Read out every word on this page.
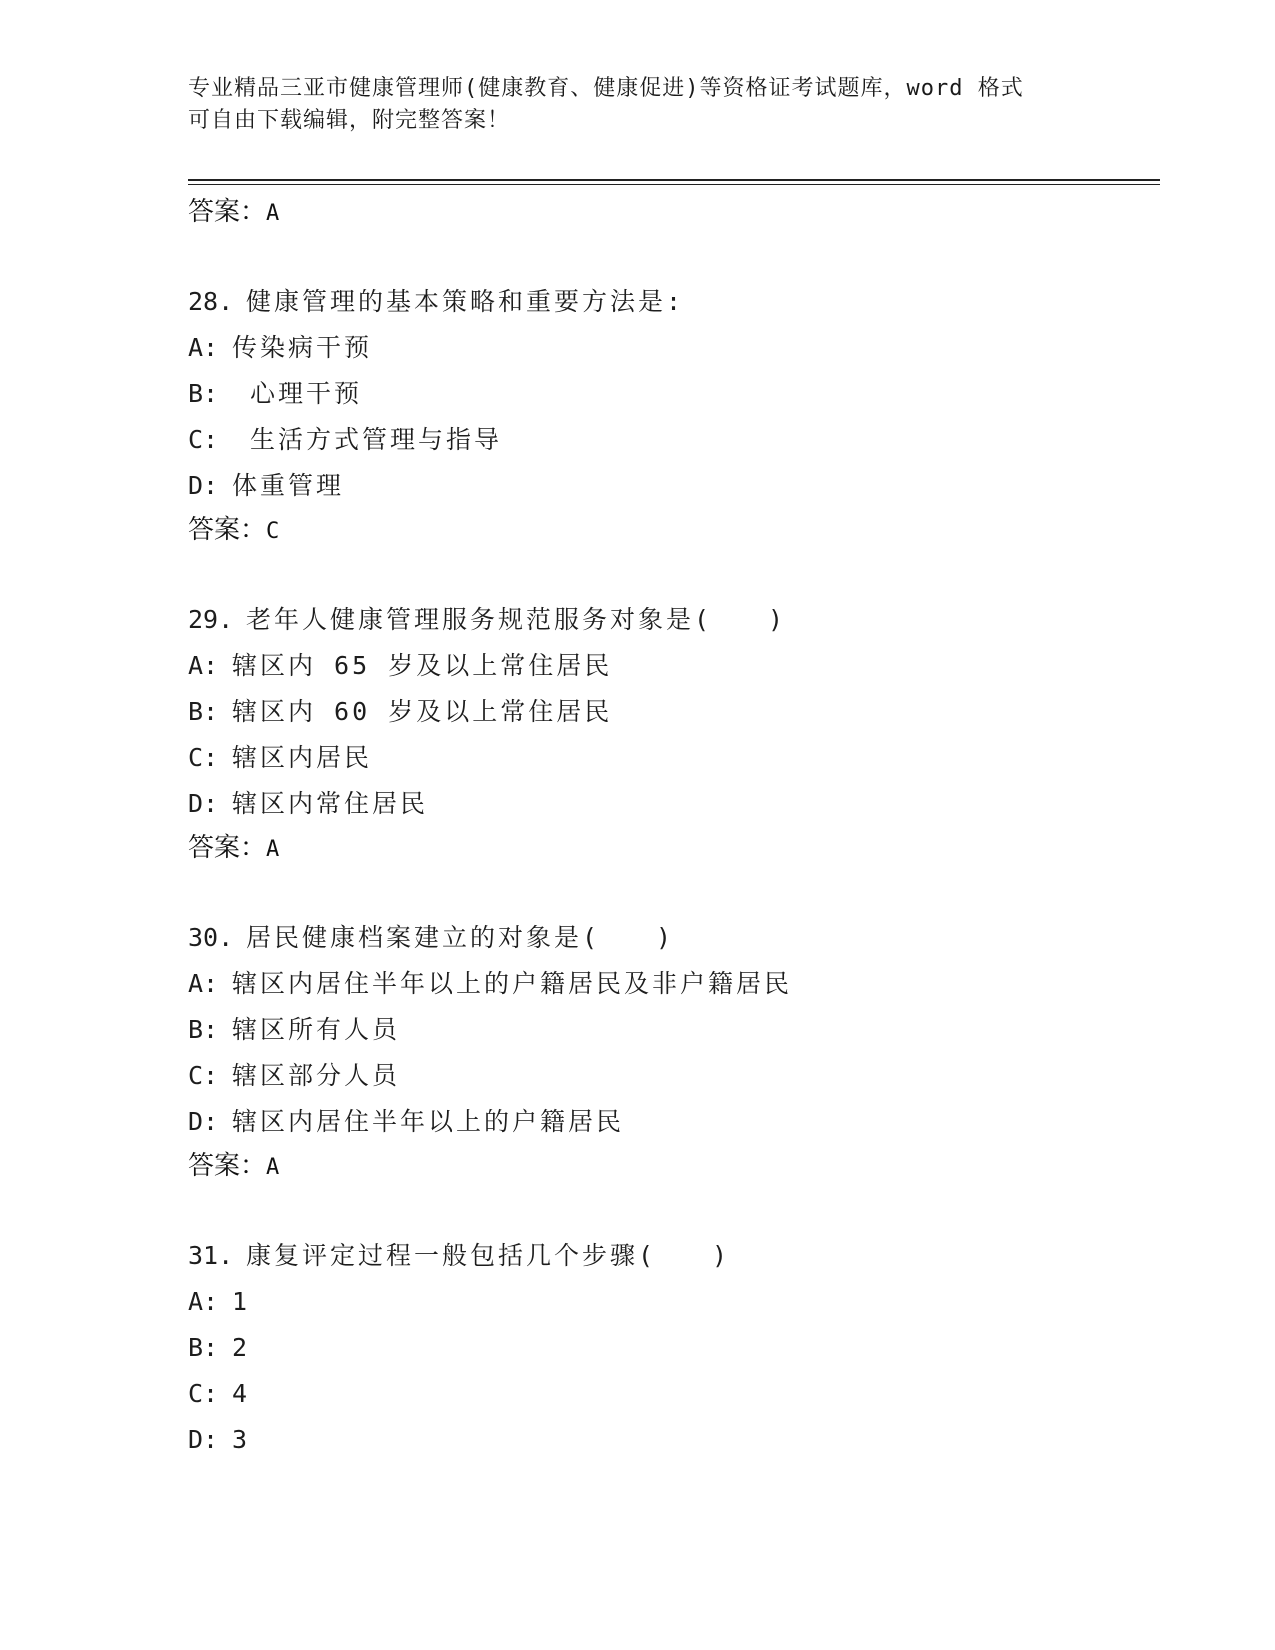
专业精品三亚市健康管理师(健康教育、健康促进)等资格证考试题库，word 格式
可自由下载编辑，附完整答案！
答案：A
28. 健康管理的基本策略和重要方法是:
A: 传染病干预
B: 心理干预
C: 生活方式管理与指导
D: 体重管理
答案：C
29. 老年人健康管理服务规范服务对象是(　　)
A: 辖区内 65 岁及以上常住居民
B: 辖区内 60 岁及以上常住居民
C: 辖区内居民
D: 辖区内常住居民
答案：A
30. 居民健康档案建立的对象是(　　)
A: 辖区内居住半年以上的户籍居民及非户籍居民
B: 辖区所有人员
C: 辖区部分人员
D: 辖区内居住半年以上的户籍居民
答案：A
31. 康复评定过程一般包括几个步骤(　　)
A: 1
B: 2
C: 4
D: 3
